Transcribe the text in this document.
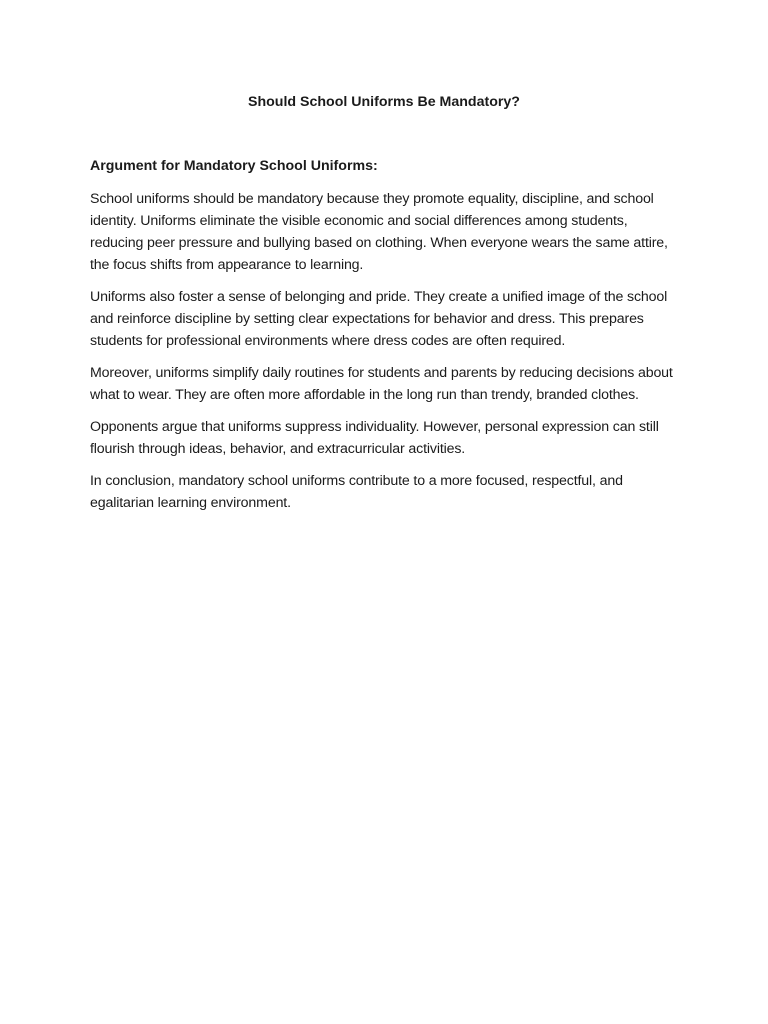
Should School Uniforms Be Mandatory?

Argument for Mandatory School Uniforms:

School uniforms should be mandatory because they promote equality, discipline, and school identity. Uniforms eliminate the visible economic and social differences among students, reducing peer pressure and bullying based on clothing. When everyone wears the same attire, the focus shifts from appearance to learning.

Uniforms also foster a sense of belonging and pride. They create a unified image of the school and reinforce discipline by setting clear expectations for behavior and dress. This prepares students for professional environments where dress codes are often required.

Moreover, uniforms simplify daily routines for students and parents by reducing decisions about what to wear. They are often more affordable in the long run than trendy, branded clothes.

Opponents argue that uniforms suppress individuality. However, personal expression can still flourish through ideas, behavior, and extracurricular activities.

In conclusion, mandatory school uniforms contribute to a more focused, respectful, and egalitarian learning environment.
